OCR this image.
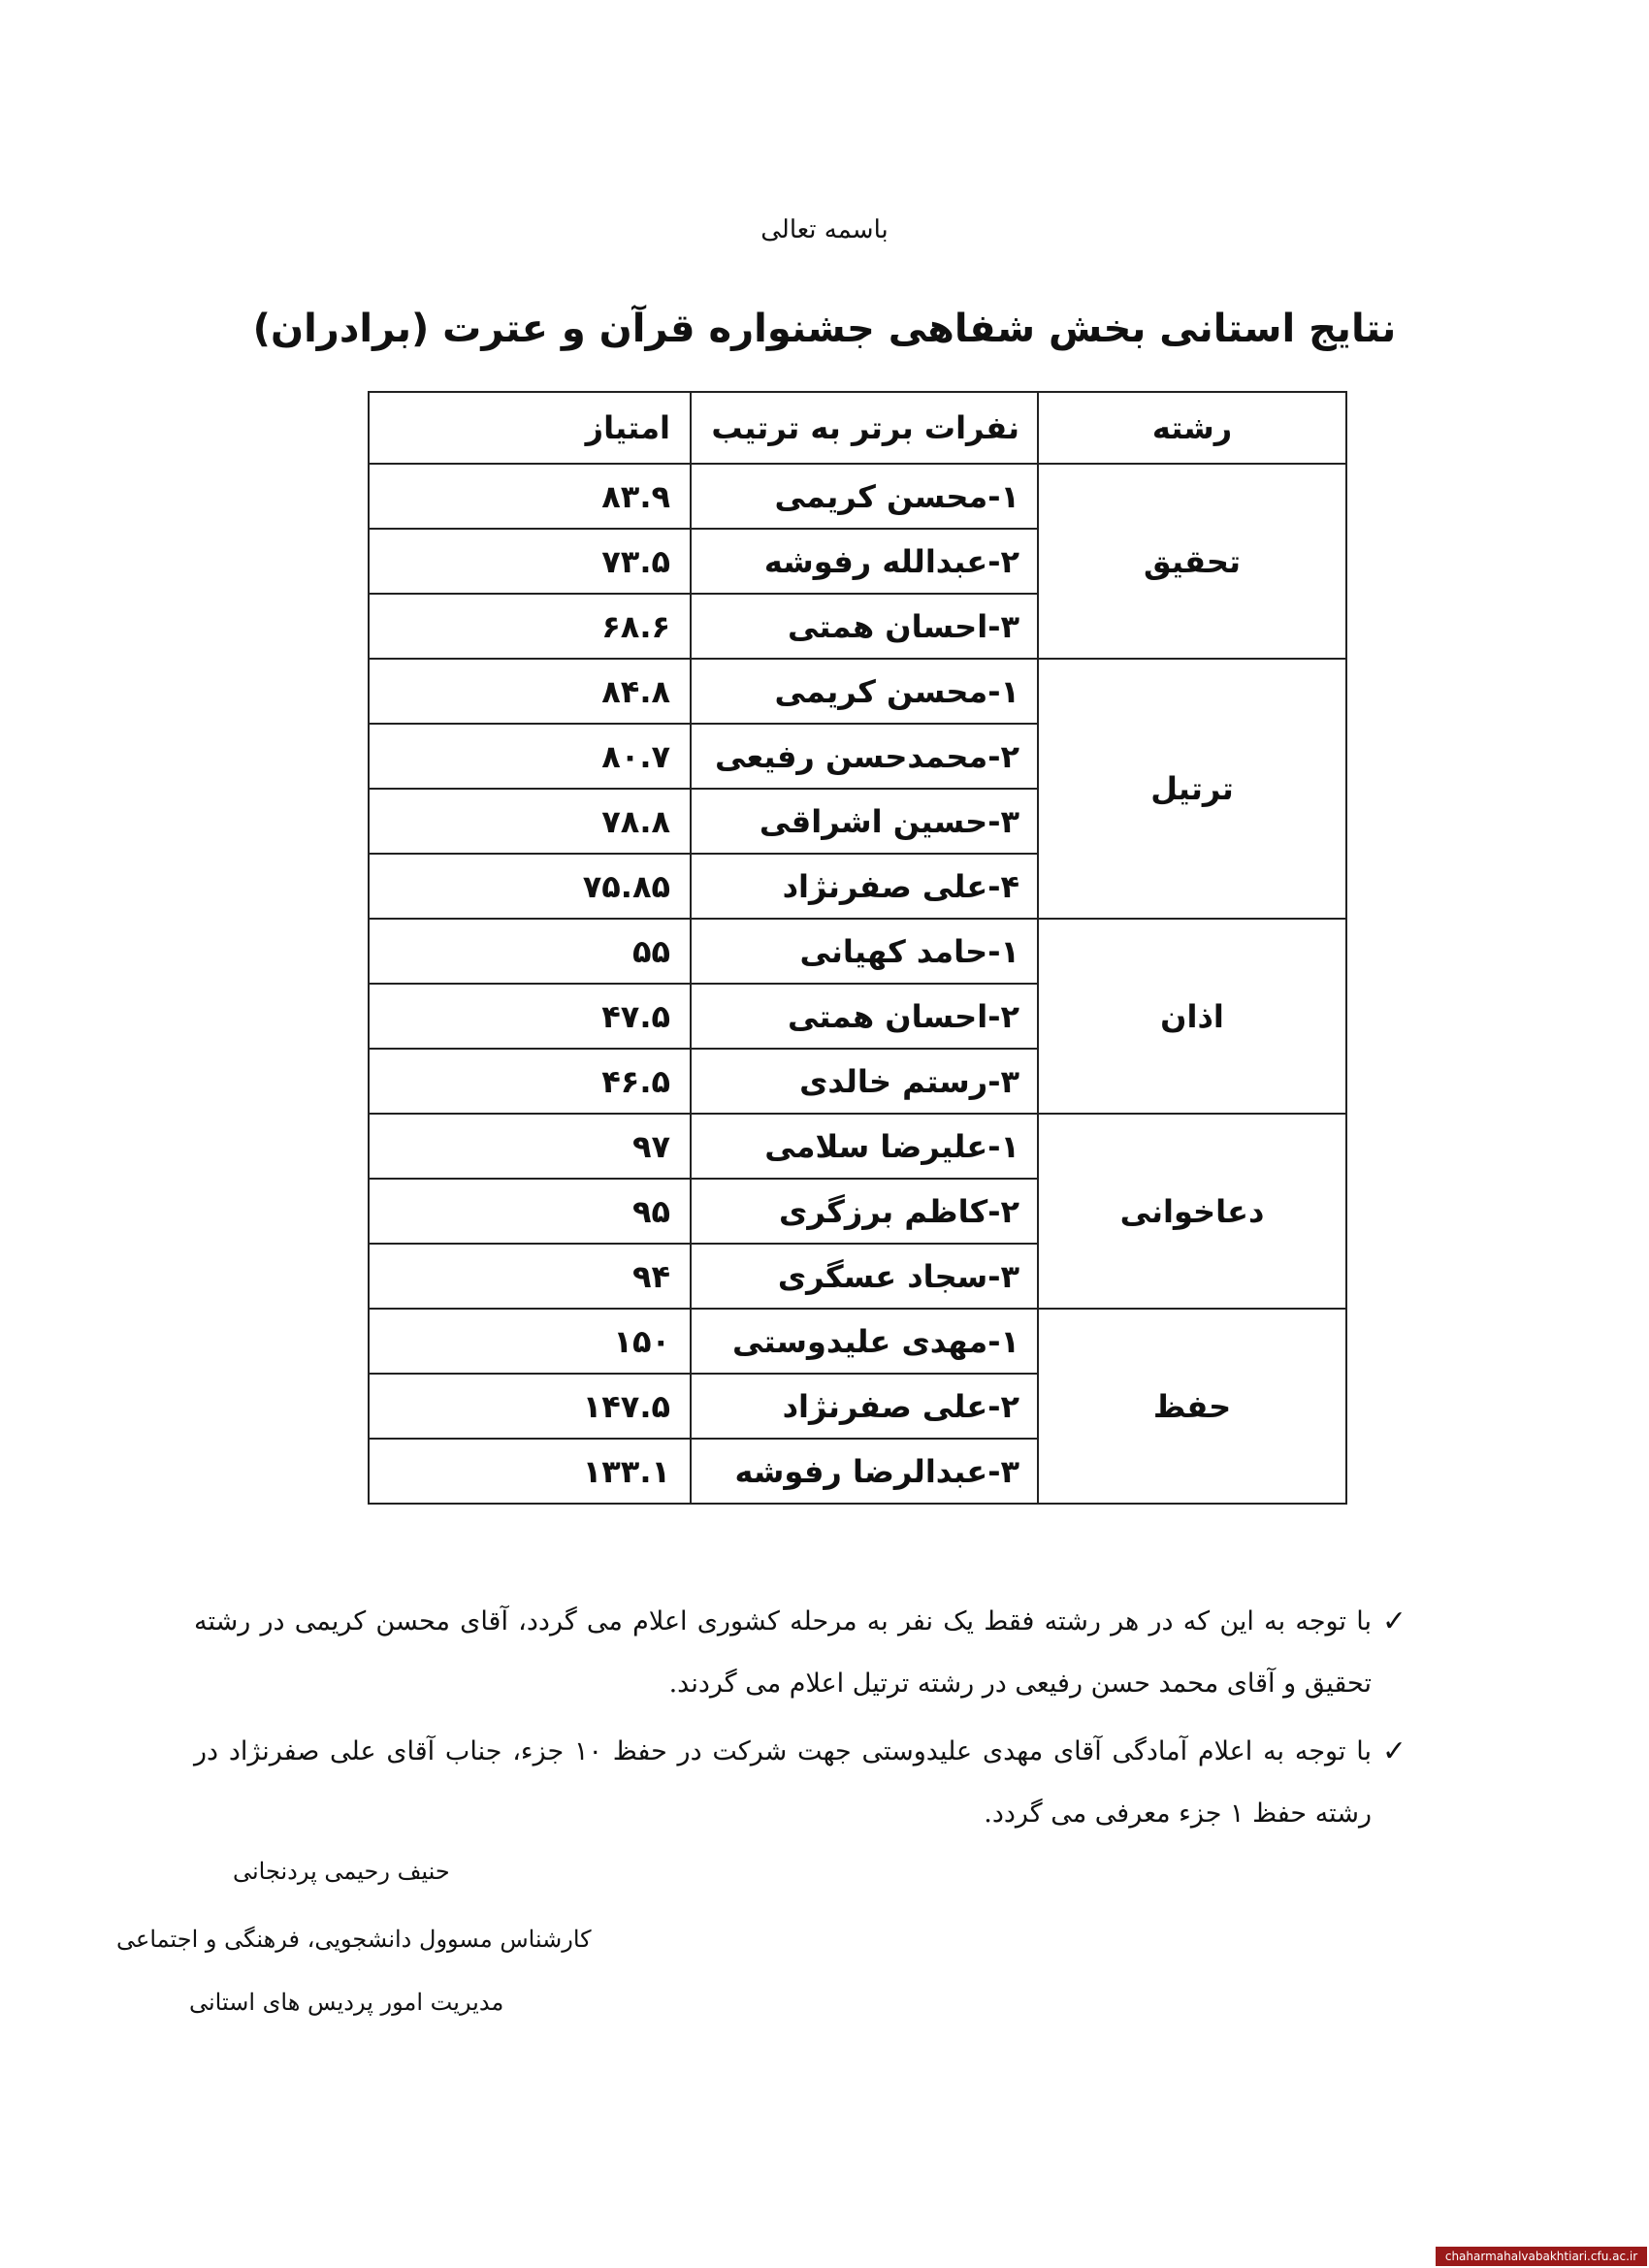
باسمه تعالی
نتایج استانی بخش شفاهی جشنواره قرآن و عترت (برادران)
رشته	نفرات برتر به ترتیب	امتیاز
تحقیق	۱-محسن کریمی	۸۳.۹
	۲-عبدالله رفوشه	۷۳.۵
	۳-احسان همتی	۶۸.۶
ترتیل	۱-محسن کریمی	۸۴.۸
	۲-محمدحسن رفیعی	۸۰.۷
	۳-حسین اشراقی	۷۸.۸
	۴-علی صفرنژاد	۷۵.۸۵
اذان	۱-حامد کهیانی	۵۵
	۲-احسان همتی	۴۷.۵
	۳-رستم خالدی	۴۶.۵
دعاخوانی	۱-علیرضا سلامی	۹۷
	۲-کاظم برزگری	۹۵
	۳-سجاد عسگری	۹۴
حفظ	۱-مهدی علیدوستی	۱۵۰
	۲-علی صفرنژاد	۱۴۷.۵
	۳-عبدالرضا رفوشه	۱۳۳.۱
✓
با توجه به این که در هر رشته فقط یک نفر به مرحله کشوری اعلام می گردد، آقای محسن کریمی در رشته تحقیق و آقای محمد حسن رفیعی در رشته ترتیل اعلام می گردند.
✓
با توجه به اعلام آمادگی آقای مهدی علیدوستی جهت شرکت در حفظ ۱۰ جزء، جناب آقای علی صفرنژاد در رشته حفظ ۱ جزء معرفی می گردد.
حنیف رحیمی پردنجانی
کارشناس مسوول دانشجویی، فرهنگی و اجتماعی
مدیریت امور پردیس های استانی
chaharmahalvabakhtiari.cfu.ac.ir
